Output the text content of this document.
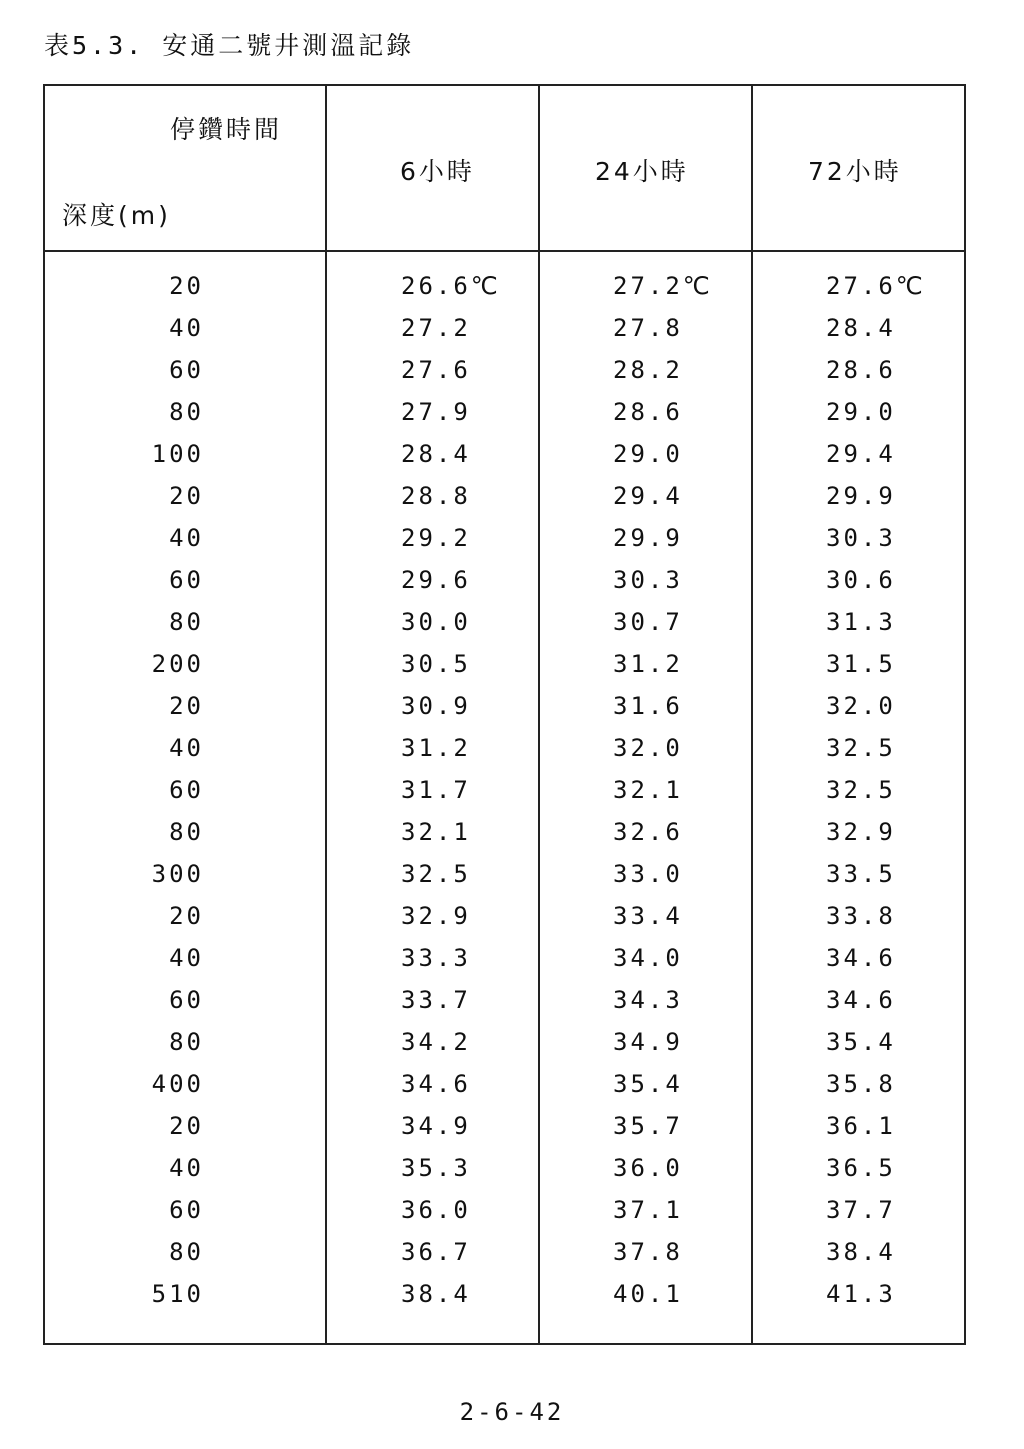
表5.3. 安通二號井測溫記錄
停鑽時間
深度(m)
6小時	24小時	72小時
20	26.6℃	27.2℃	27.6℃
40	27.2	27.8	28.4
60	27.6	28.2	28.6
80	27.9	28.6	29.0
100	28.4	29.0	29.4
20	28.8	29.4	29.9
40	29.2	29.9	30.3
60	29.6	30.3	30.6
80	30.0	30.7	31.3
200	30.5	31.2	31.5
20	30.9	31.6	32.0
40	31.2	32.0	32.5
60	31.7	32.1	32.5
80	32.1	32.6	32.9
300	32.5	33.0	33.5
20	32.9	33.4	33.8
40	33.3	34.0	34.6
60	33.7	34.3	34.6
80	34.2	34.9	35.4
400	34.6	35.4	35.8
20	34.9	35.7	36.1
40	35.3	36.0	36.5
60	36.0	37.1	37.7
80	36.7	37.8	38.4
510	38.4	40.1	41.3
2-6-42
